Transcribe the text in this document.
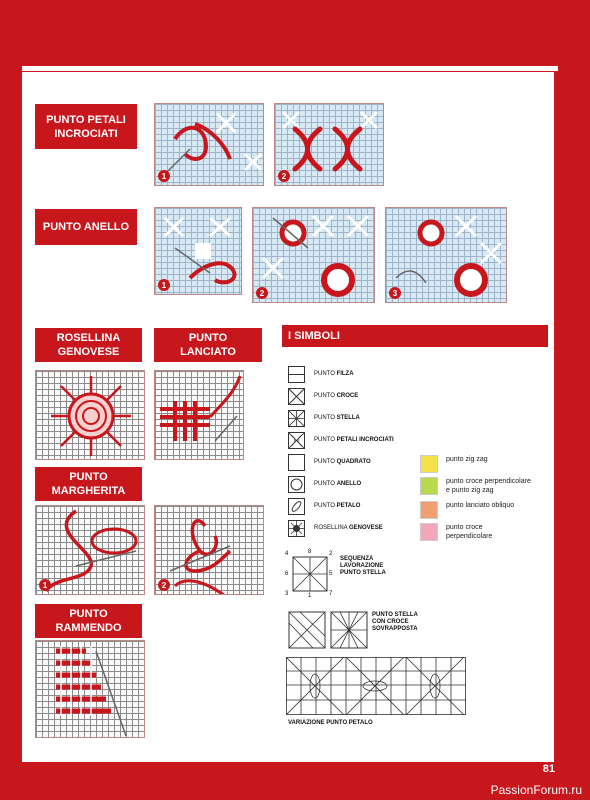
PUNTO PETALI
INCROCIATI
1	2
PUNTO ANELLO
1
2	3
ROSELLINA
GENOVESE
PUNTO
LANCIATO
PUNTO
MARGHERITA
1	2
PUNTO
RAMMENDO
I SIMBOLI
PUNTO FILZA
PUNTO CROCE
PUNTO STELLA
PUNTO PETALI INCROCIATI
PUNTO QUADRATO
PUNTO ANELLO
PUNTO PETALO
ROSELLINA GENOVESE
punto zig zag
punto croce perpendicolare
e punto zig zag
punto lanciato obliquo
punto croce
perpendicolare
4	8	2
6	5
3	1	7
SEQUENZA
LAVORAZIONE
PUNTO STELLA
PUNTO STELLA
CON CROCE
SOVRAPPOSTA
VARIAZIONE PUNTO PETALO
81
PassionForum.ru
